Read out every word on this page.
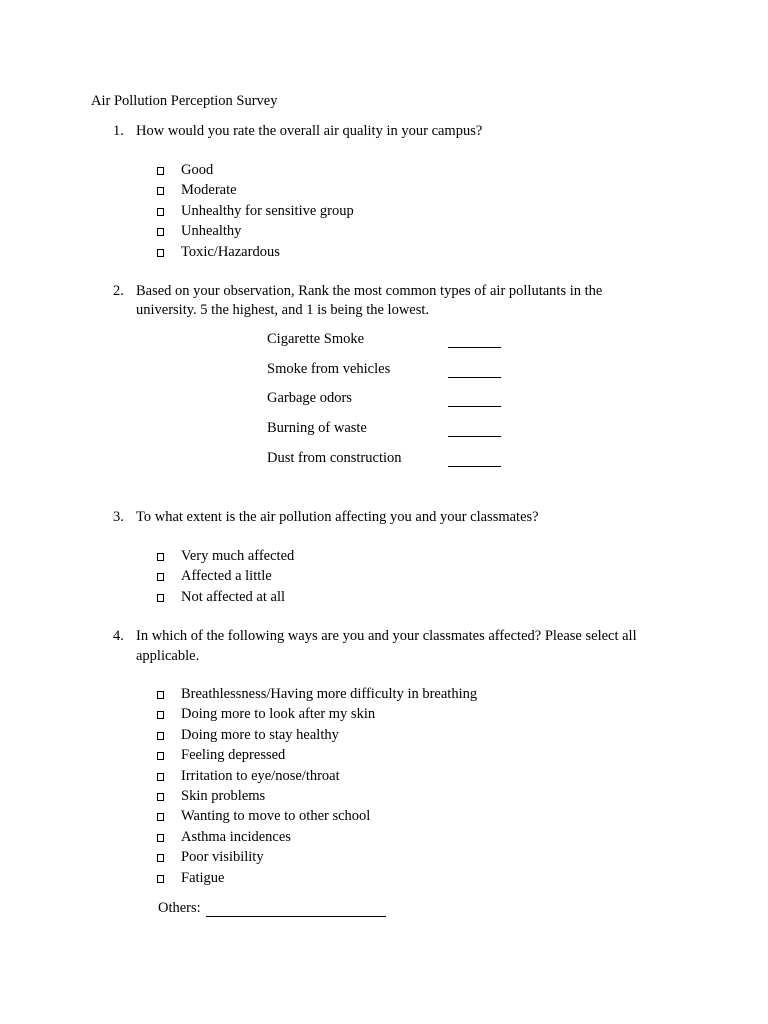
Air Pollution Perception Survey
1. How would you rate the overall air quality in your campus?
Good
Moderate
Unhealthy for sensitive group
Unhealthy
Toxic/Hazardous
2. Based on your observation, Rank the most common types of air pollutants in the
university. 5 the highest, and 1 is being the lowest.
Cigarette Smoke
Smoke from vehicles
Garbage odors
Burning of waste
Dust from construction
3. To what extent is the air pollution affecting you and your classmates?
Very much affected
Affected a little
Not affected at all
4. In which of the following ways are you and your classmates affected? Please select all
applicable.
Breathlessness/Having more difficulty in breathing
Doing more to look after my skin
Doing more to stay healthy
Feeling depressed
Irritation to eye/nose/throat
Skin problems
Wanting to move to other school
Asthma incidences
Poor visibility
Fatigue
Others:
